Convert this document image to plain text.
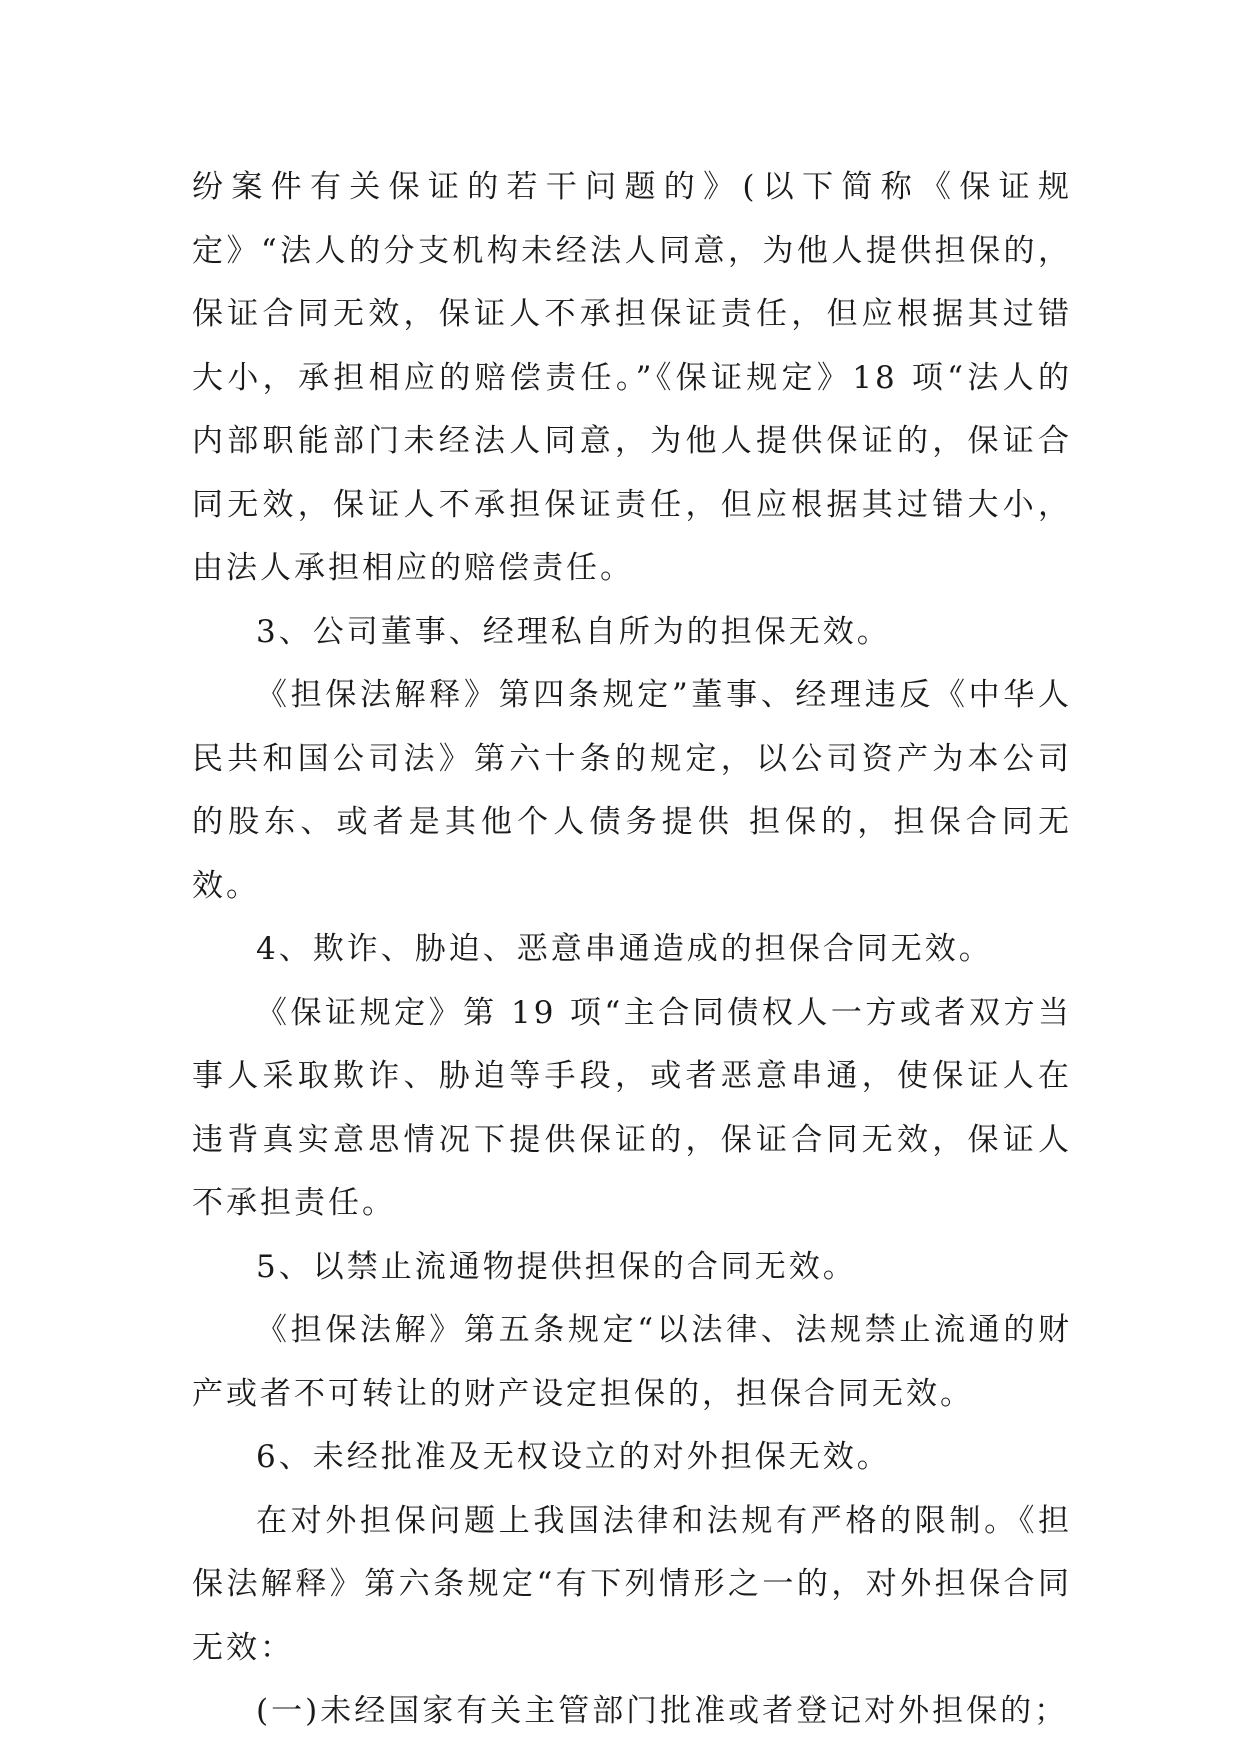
纷案件有关保证的若干问题的》(以下简称《保证规定》“法人的分支机构未经法人同意，为他人提供担保的，保证合同无效，保证人不承担保证责任，但应根据其过错大小，承担相应的赔偿责任。”《保证规定》18 项“法人的内部职能部门未经法人同意，为他人提供保证的，保证合同无效，保证人不承担保证责任，但应根据其过错大小，由法人承担相应的赔偿责任。

3、公司董事、经理私自所为的担保无效。

《担保法解释》第四条规定”董事、经理违反《中华人民共和国公司法》第六十条的规定，以公司资产为本公司的股东、或者是其他个人债务提供 担保的，担保合同无效。

4、欺诈、胁迫、恶意串通造成的担保合同无效。

《保证规定》第 19 项“主合同债权人一方或者双方当事人采取欺诈、胁迫等手段，或者恶意串通，使保证人在违背真实意思情况下提供保证的，保证合同无效，保证人不承担责任。

5、以禁止流通物提供担保的合同无效。

《担保法解》第五条规定“以法律、法规禁止流通的财产或者不可转让的财产设定担保的，担保合同无效。

6、未经批准及无权设立的对外担保无效。

在对外担保问题上我国法律和法规有严格的限制。《担保法解释》第六条规定“有下列情形之一的，对外担保合同无效：

(一)未经国家有关主管部门批准或者登记对外担保的；
